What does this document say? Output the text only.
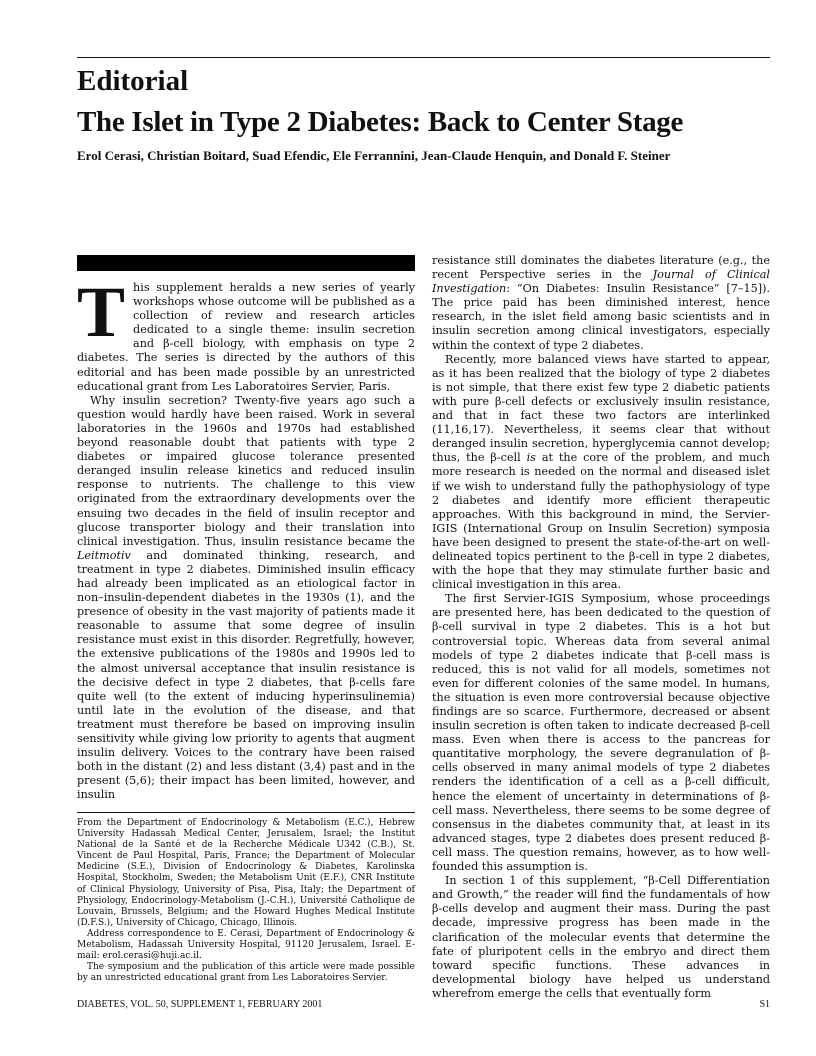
Editorial
The Islet in Type 2 Diabetes: Back to Center Stage

Erol Cerasi, Christian Boitard, Suad Efendic, Ele Ferrannini, Jean-Claude Henquin, and Donald F. Steiner

This supplement heralds a new series of yearly workshops whose outcome will be published as a collection of review and research articles dedicated to a single theme: insulin secretion and β-cell biology, with emphasis on type 2 diabetes. The series is directed by the authors of this editorial and has been made possible by an unrestricted educational grant from Les Laboratoires Servier, Paris.

Why insulin secretion? Twenty-five years ago such a question would hardly have been raised. Work in several laboratories in the 1960s and 1970s had established beyond reasonable doubt that patients with type 2 diabetes or impaired glucose tolerance presented deranged insulin release kinetics and reduced insulin response to nutrients. The challenge to this view originated from the extraordinary developments over the ensuing two decades in the field of insulin receptor and glucose transporter biology and their translation into clinical investigation. Thus, insulin resistance became the Leitmotiv and dominated thinking, research, and treatment in type 2 diabetes. Diminished insulin efficacy had already been implicated as an etiological factor in non–insulin-dependent diabetes in the 1930s (1), and the presence of obesity in the vast majority of patients made it reasonable to assume that some degree of insulin resistance must exist in this disorder. Regretfully, however, the extensive publications of the 1980s and 1990s led to the almost universal acceptance that insulin resistance is the decisive defect in type 2 diabetes, that β-cells fare quite well (to the extent of inducing hyperinsulinemia) until late in the evolution of the disease, and that treatment must therefore be based on improving insulin sensitivity while giving low priority to agents that augment insulin delivery. Voices to the contrary have been raised both in the distant (2) and less distant (3,4) past and in the present (5,6); their impact has been limited, however, and insulin

resistance still dominates the diabetes literature (e.g., the recent Perspective series in the Journal of Clinical Investigation: “On Diabetes: Insulin Resistance” [7–15]). The price paid has been diminished interest, hence research, in the islet field among basic scientists and in insulin secretion among clinical investigators, especially within the context of type 2 diabetes.

Recently, more balanced views have started to appear, as it has been realized that the biology of type 2 diabetes is not simple, that there exist few type 2 diabetic patients with pure β-cell defects or exclusively insulin resistance, and that in fact these two factors are interlinked (11,16,17). Nevertheless, it seems clear that without deranged insulin secretion, hyperglycemia cannot develop; thus, the β-cell is at the core of the problem, and much more research is needed on the normal and diseased islet if we wish to understand fully the pathophysiology of type 2 diabetes and identify more efficient therapeutic approaches. With this background in mind, the Servier-IGIS (International Group on Insulin Secretion) symposia have been designed to present the state-of-the-art on well-delineated topics pertinent to the β-cell in type 2 diabetes, with the hope that they may stimulate further basic and clinical investigation in this area.

The first Servier-IGIS Symposium, whose proceedings are presented here, has been dedicated to the question of β-cell survival in type 2 diabetes. This is a hot but controversial topic. Whereas data from several animal models of type 2 diabetes indicate that β-cell mass is reduced, this is not valid for all models, sometimes not even for different colonies of the same model. In humans, the situation is even more controversial because objective findings are so scarce. Furthermore, decreased or absent insulin secretion is often taken to indicate decreased β-cell mass. Even when there is access to the pancreas for quantitative morphology, the severe degranulation of β-cells observed in many animal models of type 2 diabetes renders the identification of a cell as a β-cell difficult, hence the element of uncertainty in determinations of β-cell mass. Nevertheless, there seems to be some degree of consensus in the diabetes community that, at least in its advanced stages, type 2 diabetes does present reduced β-cell mass. The question remains, however, as to how well-founded this assumption is.

In section 1 of this supplement, “β-Cell Differentiation and Growth,” the reader will find the fundamentals of how β-cells develop and augment their mass. During the past decade, impressive progress has been made in the clarification of the molecular events that determine the fate of pluripotent cells in the embryo and direct them toward specific functions. These advances in developmental biology have helped us understand wherefrom emerge the cells that eventually form

From the Department of Endocrinology & Metabolism (E.C.), Hebrew University Hadassah Medical Center, Jerusalem, Israel; the Institut National de la Santé et de la Recherche Médicale U342 (C.B.), St. Vincent de Paul Hospital, Paris, France; the Department of Molecular Medicine (S.E.), Division of Endocrinology & Diabetes, Karolinska Hospital, Stockholm, Sweden; the Metabolism Unit (E.F.), CNR Institute of Clinical Physiology, University of Pisa, Pisa, Italy; the Department of Physiology, Endocrinology-Metabolism (J.-C.H.), Université Catholique de Louvain, Brussels, Belgium; and the Howard Hughes Medical Institute (D.F.S.), University of Chicago, Chicago, Illinois.

Address correspondence to E. Cerasi, Department of Endocrinology & Metabolism, Hadassah University Hospital, 91120 Jerusalem, Israel. E-mail: erol.cerasi@huji.ac.il.

The symposium and the publication of this article were made possible by an unrestricted educational grant from Les Laboratoires Servier.

DIABETES, VOL. 50, SUPPLEMENT 1, FEBRUARY 2001	S1
